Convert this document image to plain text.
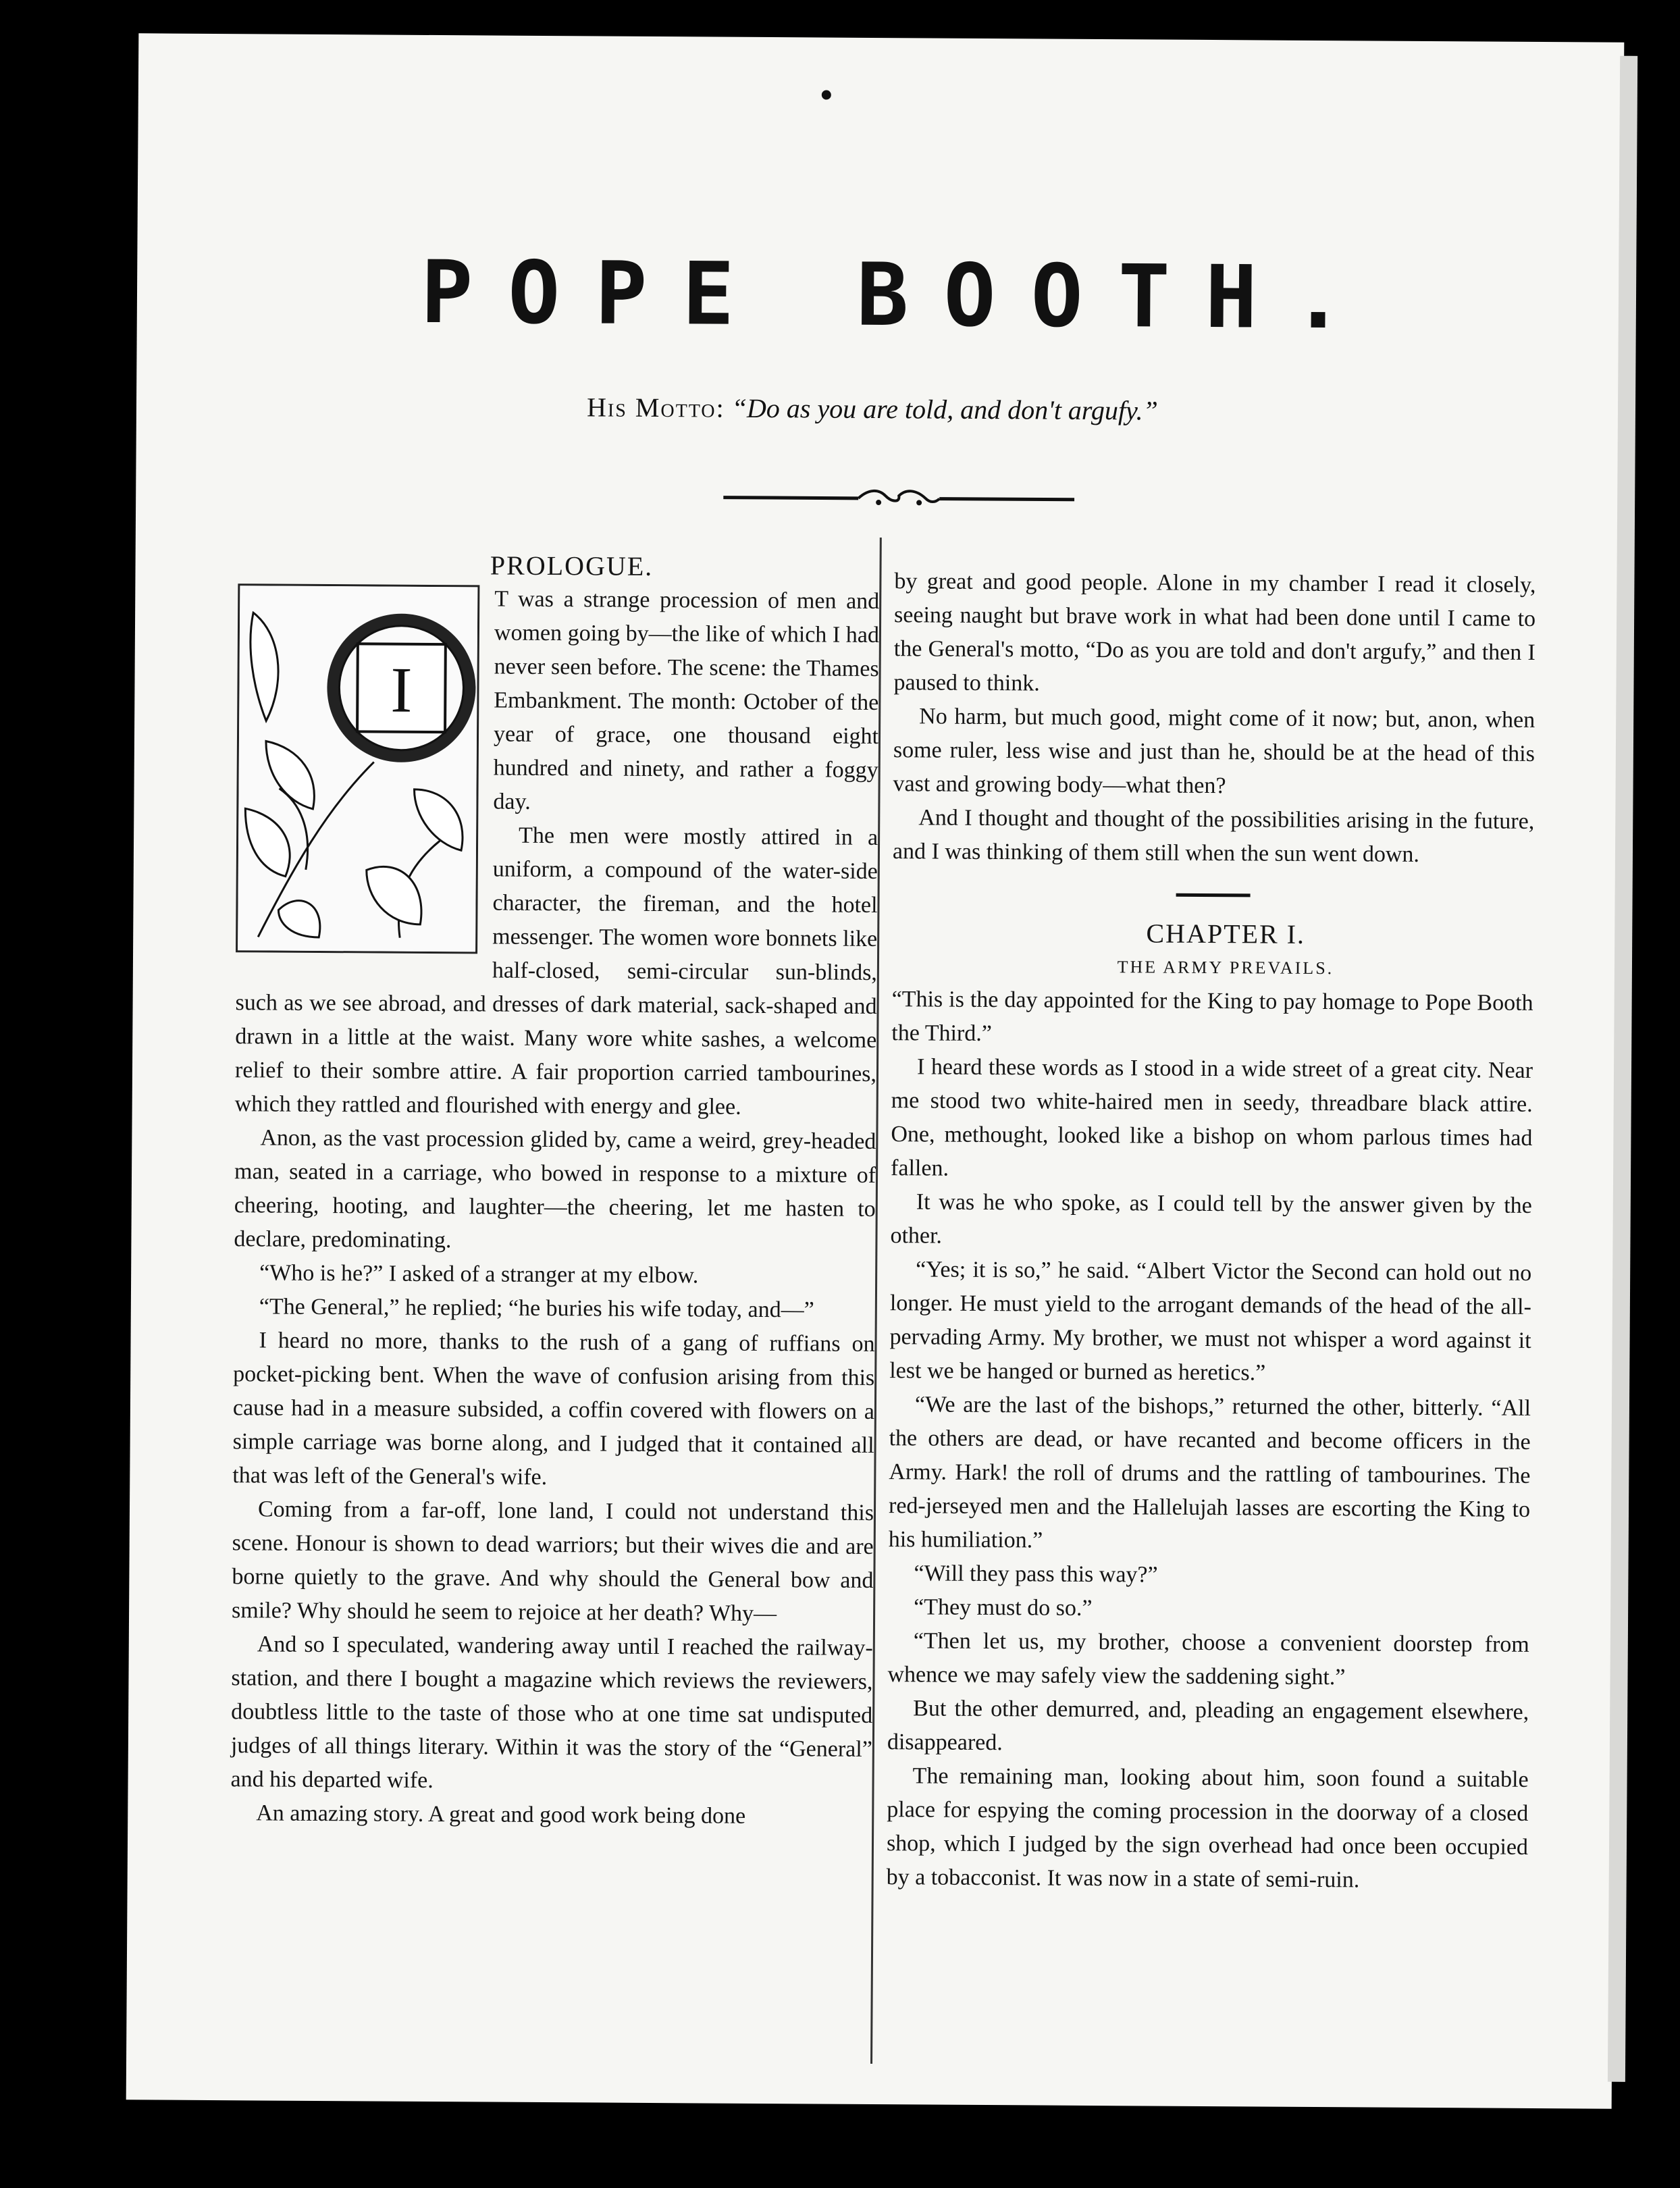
POPE BOOTH.
His Motto: “Do as you are told, and don't argufy.”

PROLOGUE.

I

T was a strange procession of men and women going by—the like of which I had never seen before. The scene: the Thames Embankment. The month: October of the year of grace, one thousand eight hundred and ninety, and rather a foggy day.

The men were mostly attired in a uniform, a compound of the water-side character, the fireman, and the hotel messenger. The women wore bonnets like half-closed, semi-circular sun-blinds, such as we see abroad, and dresses of dark material, sack-shaped and drawn in a little at the waist. Many wore white sashes, a welcome relief to their sombre attire. A fair proportion carried tambourines, which they rattled and flourished with energy and glee.

Anon, as the vast procession glided by, came a weird, grey-headed man, seated in a carriage, who bowed in response to a mixture of cheering, hooting, and laughter—the cheering, let me hasten to declare, predominating.

“Who is he?” I asked of a stranger at my elbow.

“The General,” he replied; “he buries his wife today, and—”

I heard no more, thanks to the rush of a gang of ruffians on pocket-picking bent. When the wave of confusion arising from this cause had in a measure subsided, a coffin covered with flowers on a simple carriage was borne along, and I judged that it contained all that was left of the General's wife.

Coming from a far-off, lone land, I could not understand this scene. Honour is shown to dead warriors; but their wives die and are borne quietly to the grave. And why should the General bow and smile? Why should he seem to rejoice at her death? Why—

And so I speculated, wandering away until I reached the railway-station, and there I bought a magazine which reviews the reviewers, doubtless little to the taste of those who at one time sat undisputed judges of all things literary. Within it was the story of the “General” and his departed wife.

An amazing story. A great and good work being done

by great and good people. Alone in my chamber I read it closely, seeing naught but brave work in what had been done until I came to the General's motto, “Do as you are told and don't argufy,” and then I paused to think.

No harm, but much good, might come of it now; but, anon, when some ruler, less wise and just than he, should be at the head of this vast and growing body—what then?

And I thought and thought of the possibilities arising in the future, and I was thinking of them still when the sun went down.

CHAPTER I.

THE ARMY PREVAILS.

“This is the day appointed for the King to pay homage to Pope Booth the Third.”

I heard these words as I stood in a wide street of a great city. Near me stood two white-haired men in seedy, threadbare black attire. One, methought, looked like a bishop on whom parlous times had fallen.

It was he who spoke, as I could tell by the answer given by the other.

“Yes; it is so,” he said. “Albert Victor the Second can hold out no longer. He must yield to the arrogant demands of the head of the all-pervading Army. My brother, we must not whisper a word against it lest we be hanged or burned as heretics.”

“We are the last of the bishops,” returned the other, bitterly. “All the others are dead, or have recanted and become officers in the Army. Hark! the roll of drums and the rattling of tambourines. The red-jerseyed men and the Hallelujah lasses are escorting the King to his humiliation.”

“Will they pass this way?”

“They must do so.”

“Then let us, my brother, choose a convenient doorstep from whence we may safely view the saddening sight.”

But the other demurred, and, pleading an engagement elsewhere, disappeared.

The remaining man, looking about him, soon found a suitable place for espying the coming procession in the doorway of a closed shop, which I judged by the sign overhead had once been occupied by a tobacconist. It was now in a state of semi-ruin.
